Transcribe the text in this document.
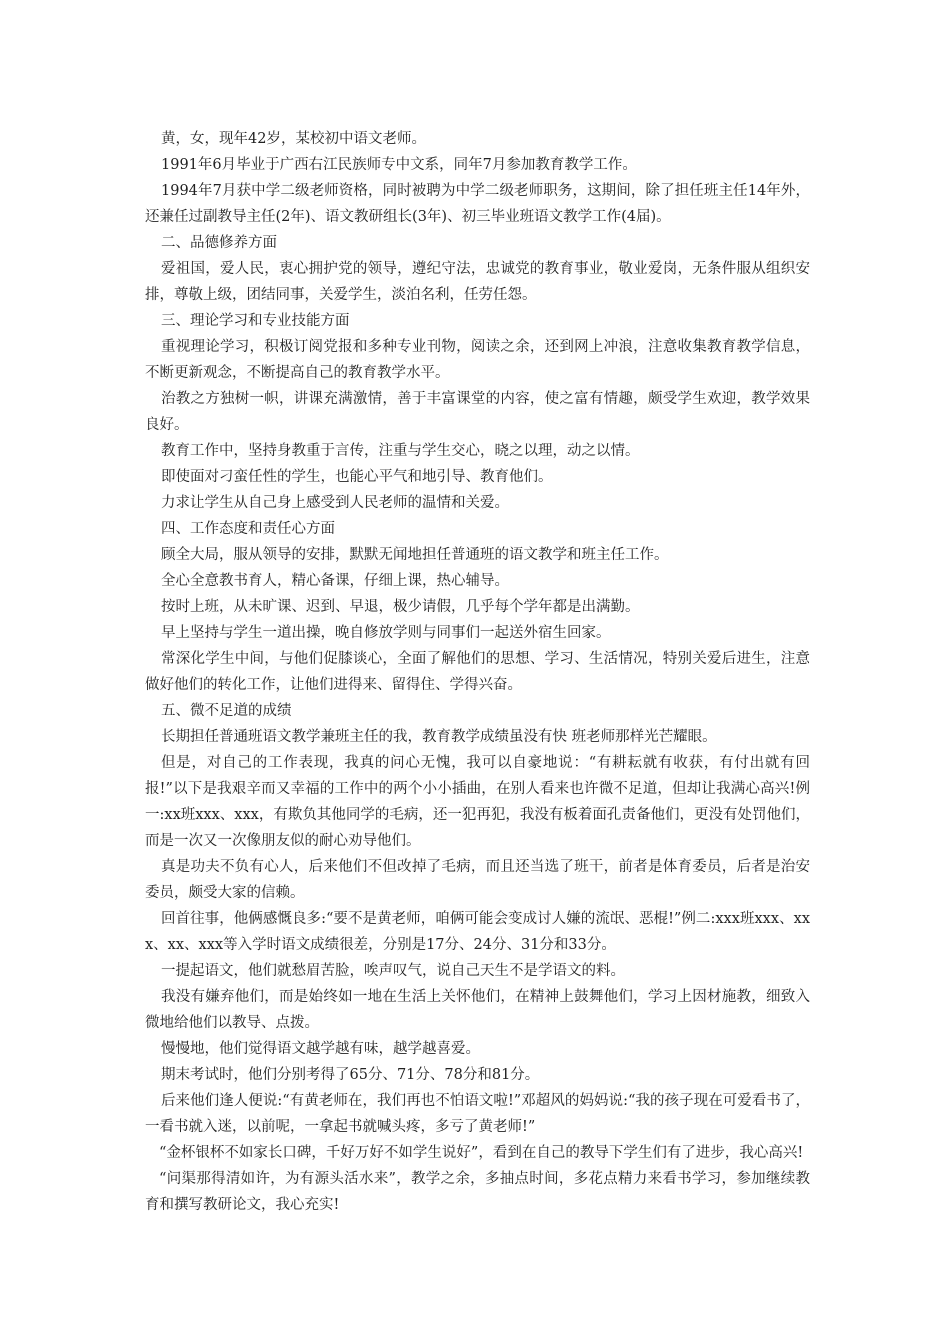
黄，女，现年42岁，某校初中语文老师。

1991年6月毕业于广西右江民族师专中文系，同年7月参加教育教学工作。

1994年7月获中学二级老师资格，同时被聘为中学二级老师职务，这期间，除了担任班主任14年外，还兼任过副教导主任(2年)、语文教研组长(3年)、初三毕业班语文教学工作(4届)。

二、品德修养方面

爱祖国，爱人民，衷心拥护党的领导，遵纪守法，忠诚党的教育事业，敬业爱岗，无条件服从组织安排，尊敬上级，团结同事，关爱学生，淡泊名利，任劳任怨。

三、理论学习和专业技能方面

重视理论学习，积极订阅党报和多种专业刊物，阅读之余，还到网上冲浪，注意收集教育教学信息，不断更新观念，不断提高自己的教育教学水平。

治教之方独树一帜，讲课充满激情，善于丰富课堂的内容，使之富有情趣，颇受学生欢迎，教学效果良好。

教育工作中，坚持身教重于言传，注重与学生交心，晓之以理，动之以情。

即使面对刁蛮任性的学生，也能心平气和地引导、教育他们。

力求让学生从自己身上感受到人民老师的温情和关爱。

四、工作态度和责任心方面

顾全大局，服从领导的安排，默默无闻地担任普通班的语文教学和班主任工作。

全心全意教书育人，精心备课，仔细上课，热心辅导。

按时上班，从未旷课、迟到、早退，极少请假，几乎每个学年都是出满勤。

早上坚持与学生一道出操，晚自修放学则与同事们一起送外宿生回家。

常深化学生中间，与他们促膝谈心，全面了解他们的思想、学习、生活情况，特别关爱后进生，注意做好他们的转化工作，让他们进得来、留得住、学得兴奋。

五、微不足道的成绩

长期担任普通班语文教学兼班主任的我，教育教学成绩虽没有快 班老师那样光芒耀眼。

但是，对自己的工作表现，我真的问心无愧，我可以自豪地说：“有耕耘就有收获，有付出就有回报!”以下是我艰辛而又幸福的工作中的两个小小插曲，在别人看来也许微不足道，但却让我满心高兴!例一:xx班xxx、xxx，有欺负其他同学的毛病，还一犯再犯，我没有板着面孔责备他们，更没有处罚他们，而是一次又一次像朋友似的耐心劝导他们。

真是功夫不负有心人，后来他们不但改掉了毛病，而且还当选了班干，前者是体育委员，后者是治安委员，颇受大家的信赖。

回首往事，他俩感慨良多:“要不是黄老师，咱俩可能会变成讨人嫌的流氓、恶棍!”例二:xxx班xxx、xxx、xx、xxx等入学时语文成绩很差，分别是17分、24分、31分和33分。

一提起语文，他们就愁眉苦脸，唉声叹气，说自己天生不是学语文的料。

我没有嫌弃他们，而是始终如一地在生活上关怀他们，在精神上鼓舞他们，学习上因材施教，细致入微地给他们以教导、点拨。

慢慢地，他们觉得语文越学越有味，越学越喜爱。

期末考试时，他们分别考得了65分、71分、78分和81分。

后来他们逢人便说:“有黄老师在，我们再也不怕语文啦!”邓超风的妈妈说:“我的孩子现在可爱看书了，一看书就入迷，以前呢，一拿起书就喊头疼，多亏了黄老师!”

“金杯银杯不如家长口碑，千好万好不如学生说好”，看到在自己的教导下学生们有了进步，我心高兴!

“问渠那得清如许，为有源头活水来”，教学之余，多抽点时间，多花点精力来看书学习，参加继续教育和撰写教研论文，我心充实!
